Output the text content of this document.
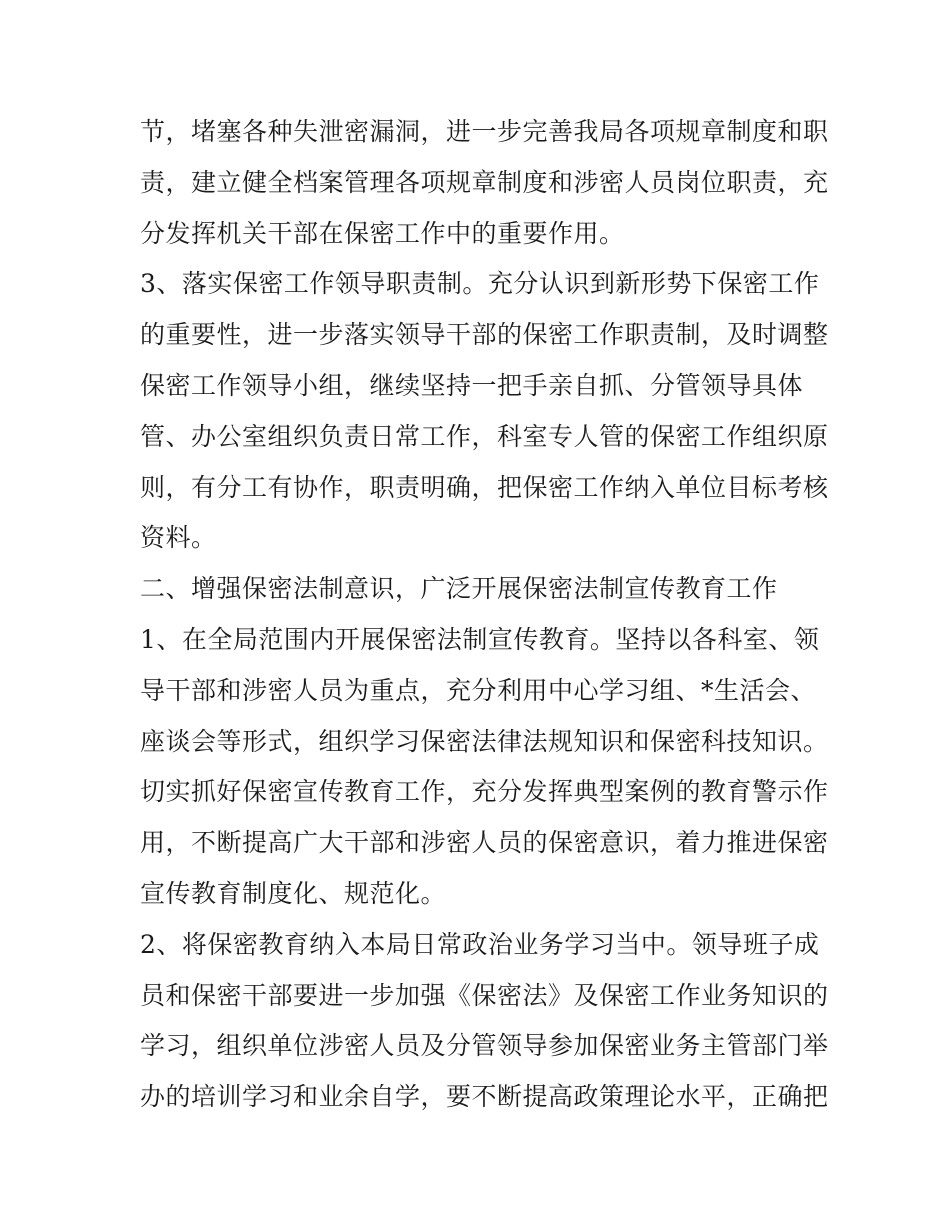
节，堵塞各种失泄密漏洞，进一步完善我局各项规章制度和职
责，建立健全档案管理各项规章制度和涉密人员岗位职责，充
分发挥机关干部在保密工作中的重要作用。
3、落实保密工作领导职责制。充分认识到新形势下保密工作
的重要性，进一步落实领导干部的保密工作职责制，及时调整
保密工作领导小组，继续坚持一把手亲自抓、分管领导具体
管、办公室组织负责日常工作，科室专人管的保密工作组织原
则，有分工有协作，职责明确，把保密工作纳入单位目标考核
资料。
二、增强保密法制意识，广泛开展保密法制宣传教育工作
1、在全局范围内开展保密法制宣传教育。坚持以各科室、领
导干部和涉密人员为重点，充分利用中心学习组、*生活会、
座谈会等形式，组织学习保密法律法规知识和保密科技知识。
切实抓好保密宣传教育工作，充分发挥典型案例的教育警示作
用，不断提高广大干部和涉密人员的保密意识，着力推进保密
宣传教育制度化、规范化。
2、将保密教育纳入本局日常政治业务学习当中。领导班子成
员和保密干部要进一步加强《保密法》及保密工作业务知识的
学习，组织单位涉密人员及分管领导参加保密业务主管部门举
办的培训学习和业余自学，要不断提高政策理论水平，正确把
